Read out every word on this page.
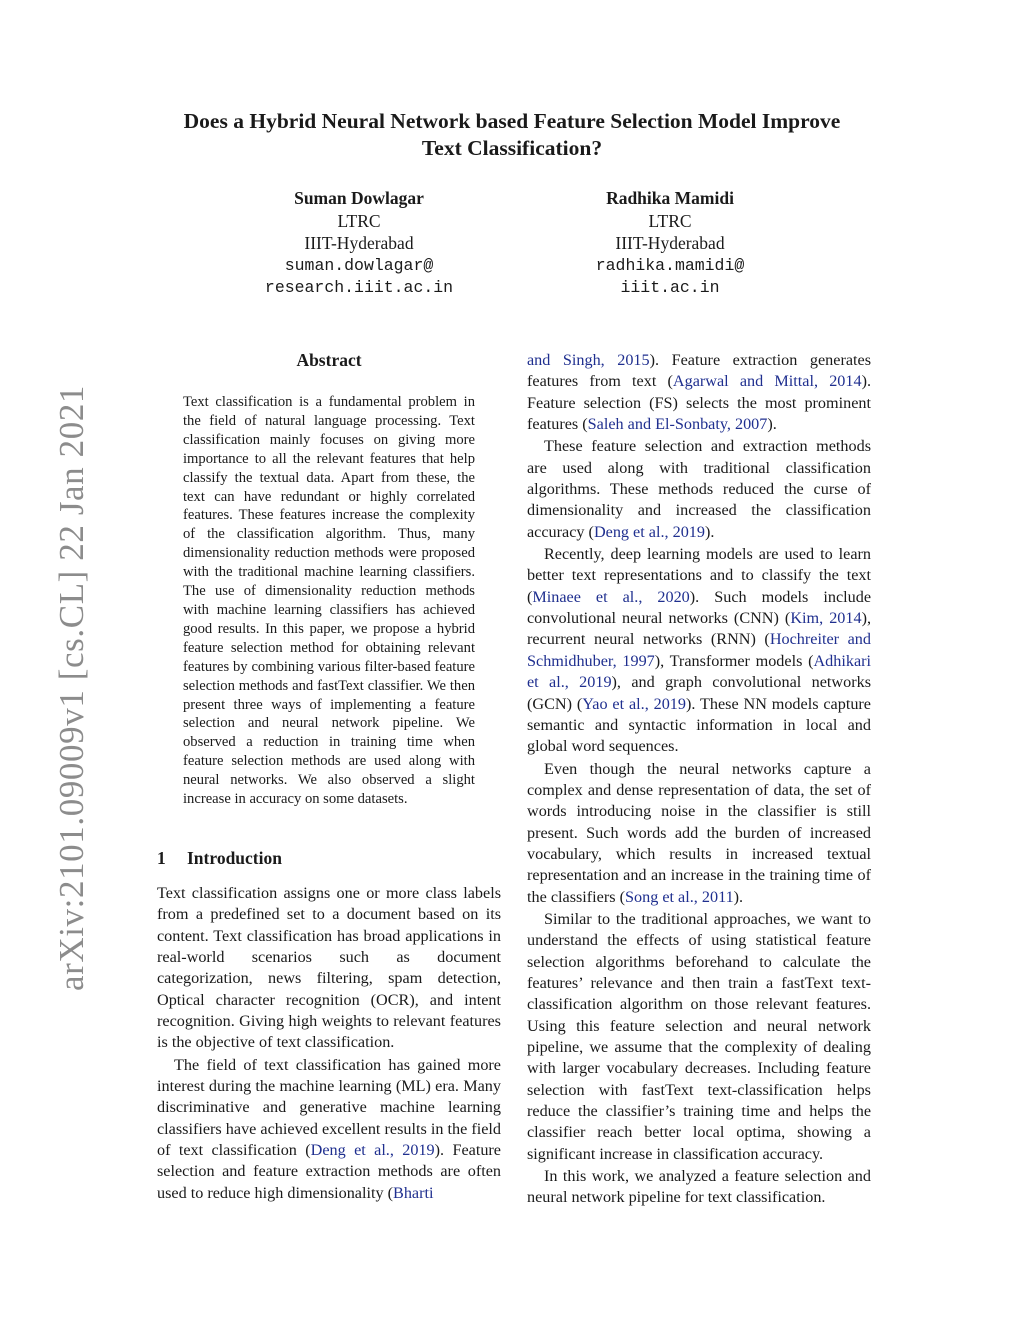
Does a Hybrid Neural Network based Feature Selection Model Improve
Text Classification?
Suman Dowlagar
LTRC
IIIT-Hyderabad
suman.dowlagar@
research.iiit.ac.in
Radhika Mamidi
LTRC
IIIT-Hyderabad
radhika.mamidi@
iiit.ac.in
arXiv:2101.09009v1 [cs.CL] 22 Jan 2021
Abstract
Text classification is a fundamental problem in the field of natural language processing. Text classification mainly focuses on giving more importance to all the relevant features that help classify the textual data. Apart from these, the text can have redundant or highly correlated features. These features increase the complexity of the classification algorithm. Thus, many dimensionality reduction methods were proposed with the traditional machine learning classifiers. The use of dimensionality reduction methods with machine learning classifiers has achieved good results. In this paper, we propose a hybrid feature selection method for obtaining relevant features by combining various filter-based feature selection methods and fastText classifier. We then present three ways of implementing a feature selection and neural network pipeline. We observed a reduction in training time when feature selection methods are used along with neural networks. We also observed a slight increase in accuracy on some datasets.
1 Introduction

Text classification assigns one or more class labels from a predefined set to a document based on its content. Text classification has broad applications in real-world scenarios such as document categorization, news filtering, spam detection, Optical character recognition (OCR), and intent recognition. Giving high weights to relevant features is the objective of text classification.

The field of text classification has gained more interest during the machine learning (ML) era. Many discriminative and generative machine learning classifiers have achieved excellent results in the field of text classification (Deng et al., 2019). Feature selection and feature extraction methods are often used to reduce high dimensionality (Bharti

and Singh, 2015). Feature extraction generates features from text (Agarwal and Mittal, 2014). Feature selection (FS) selects the most prominent features (Saleh and El-Sonbaty, 2007).

These feature selection and extraction methods are used along with traditional classification algorithms. These methods reduced the curse of dimensionality and increased the classification accuracy (Deng et al., 2019).

Recently, deep learning models are used to learn better text representations and to classify the text (Minaee et al., 2020). Such models include convolutional neural networks (CNN) (Kim, 2014), recurrent neural networks (RNN) (Hochreiter and Schmidhuber, 1997), Transformer models (Adhikari et al., 2019), and graph convolutional networks (GCN) (Yao et al., 2019). These NN models capture semantic and syntactic information in local and global word sequences.

Even though the neural networks capture a complex and dense representation of data, the set of words introducing noise in the classifier is still present. Such words add the burden of increased vocabulary, which results in increased textual representation and an increase in the training time of the classifiers (Song et al., 2011).

Similar to the traditional approaches, we want to understand the effects of using statistical feature selection algorithms beforehand to calculate the features’ relevance and then train a fastText text-classification algorithm on those relevant features. Using this feature selection and neural network pipeline, we assume that the complexity of dealing with larger vocabulary decreases. Including feature selection with fastText text-classification helps reduce the classifier’s training time and helps the classifier reach better local optima, showing a significant increase in classification accuracy.

In this work, we analyzed a feature selection and neural network pipeline for text classification.
